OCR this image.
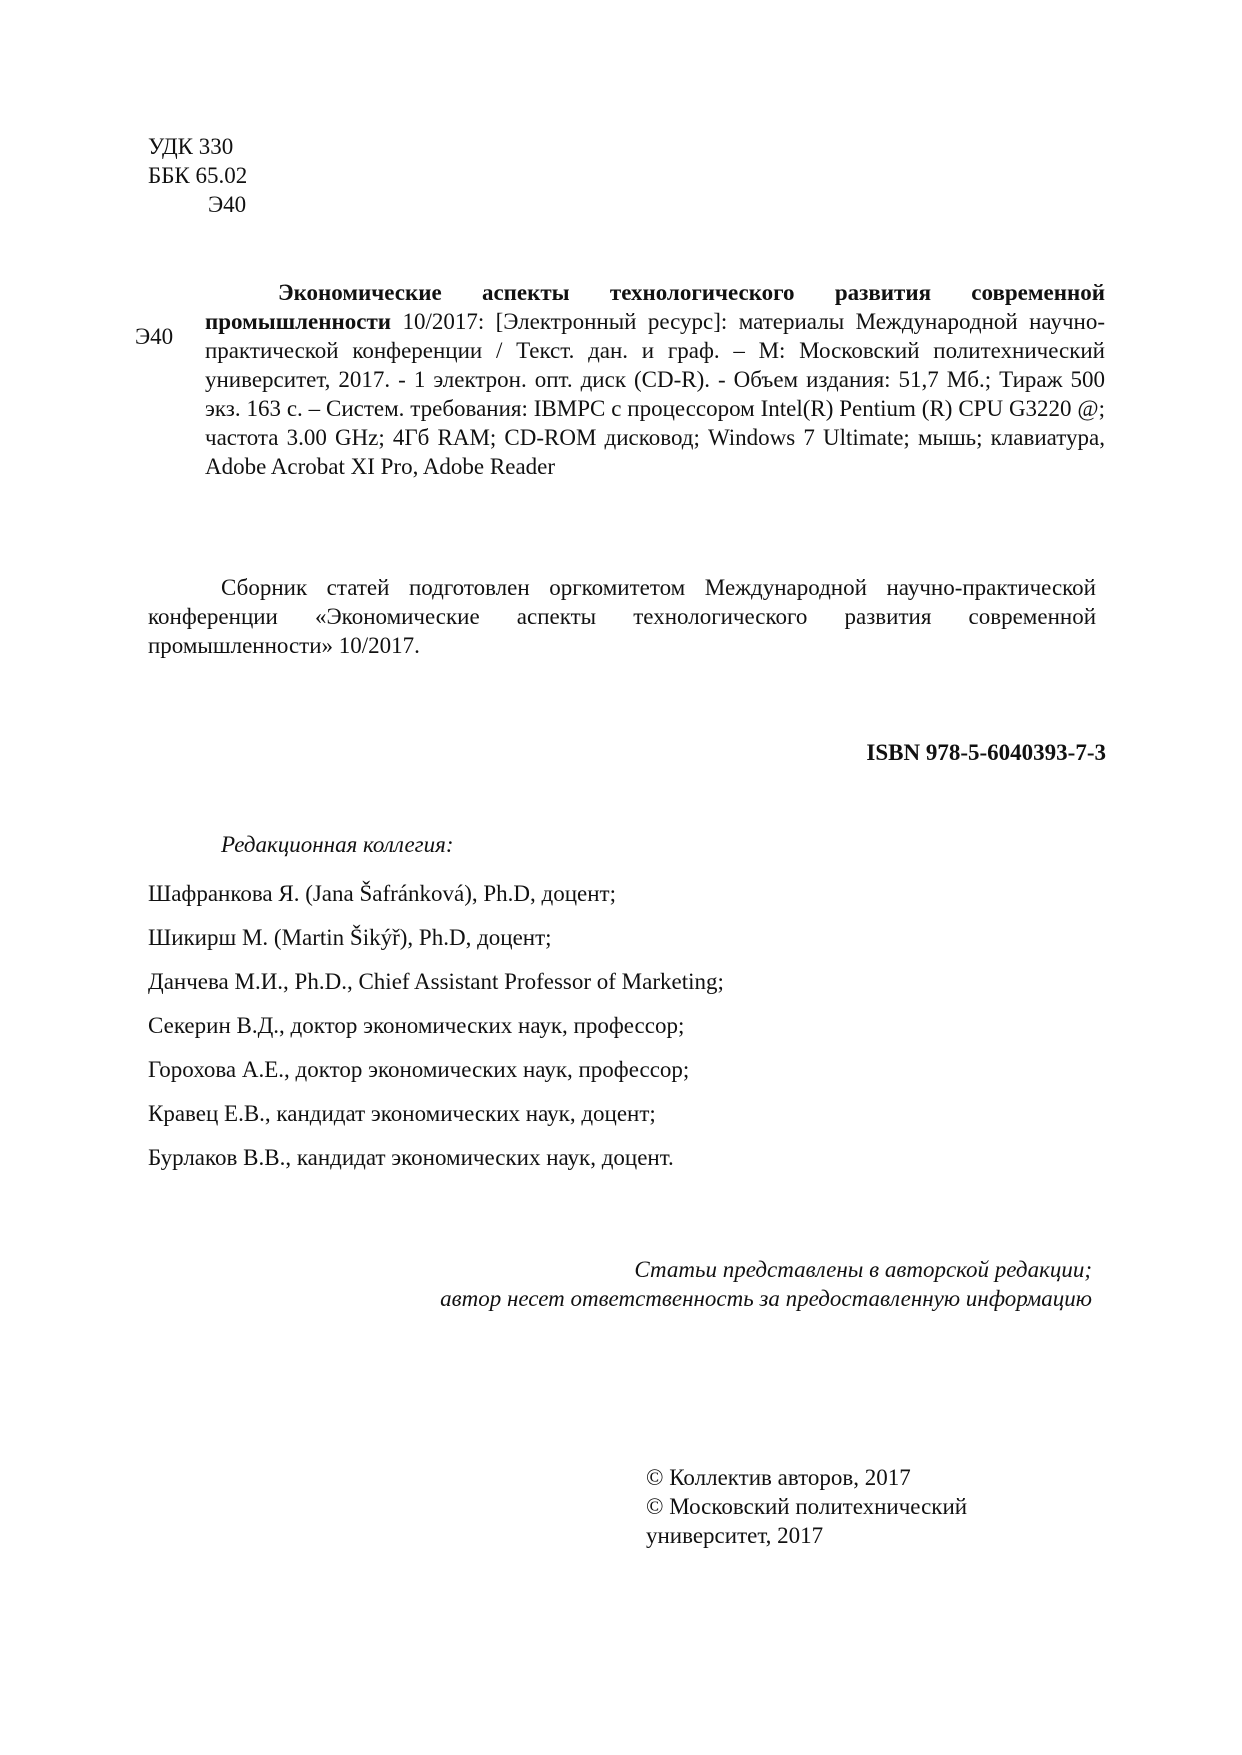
УДК 330
ББК 65.02
Э40
Э40

Экономические аспекты технологического развития современной промышленности 10/2017: [Электронный ресурс]: материалы Международной научно-практической конференции / Текст. дан. и граф. – М: Московский политехнический университет, 2017. - 1 электрон. опт. диск (CD-R). - Объем издания: 51,7 Мб.; Тираж 500 экз. 163 с. – Систем. требования: IBMPC с процессором Intel(R) Pentium (R) CPU G3220 @; частота 3.00 GHz; 4Гб RAM; CD-ROM дисковод; Windows 7 Ultimate; мышь; клавиатура, Adobe Acrobat XI Pro, Adobe Reader

Сборник статей подготовлен оргкомитетом Международной научно-практической конференции «Экономические аспекты технологического развития современной промышленности» 10/2017.

ISBN 978-5-6040393-7-3
Редакционная коллегия:
Шафранкова Я. (Jana Šafránková), Ph.D, доцент;
Шикирш М. (Martin Šikýř), Ph.D, доцент;
Данчева М.И., Ph.D., Chief Assistant Professor of Marketing;
Секерин В.Д., доктор экономических наук, профессор;
Горохова А.Е., доктор экономических наук, профессор;
Кравец Е.В., кандидат экономических наук, доцент;
Бурлаков В.В., кандидат экономических наук, доцент.
Статьи представлены в авторской редакции;
автор несет ответственность за предоставленную информацию
© Коллектив авторов, 2017
© Московский политехнический
университет, 2017
